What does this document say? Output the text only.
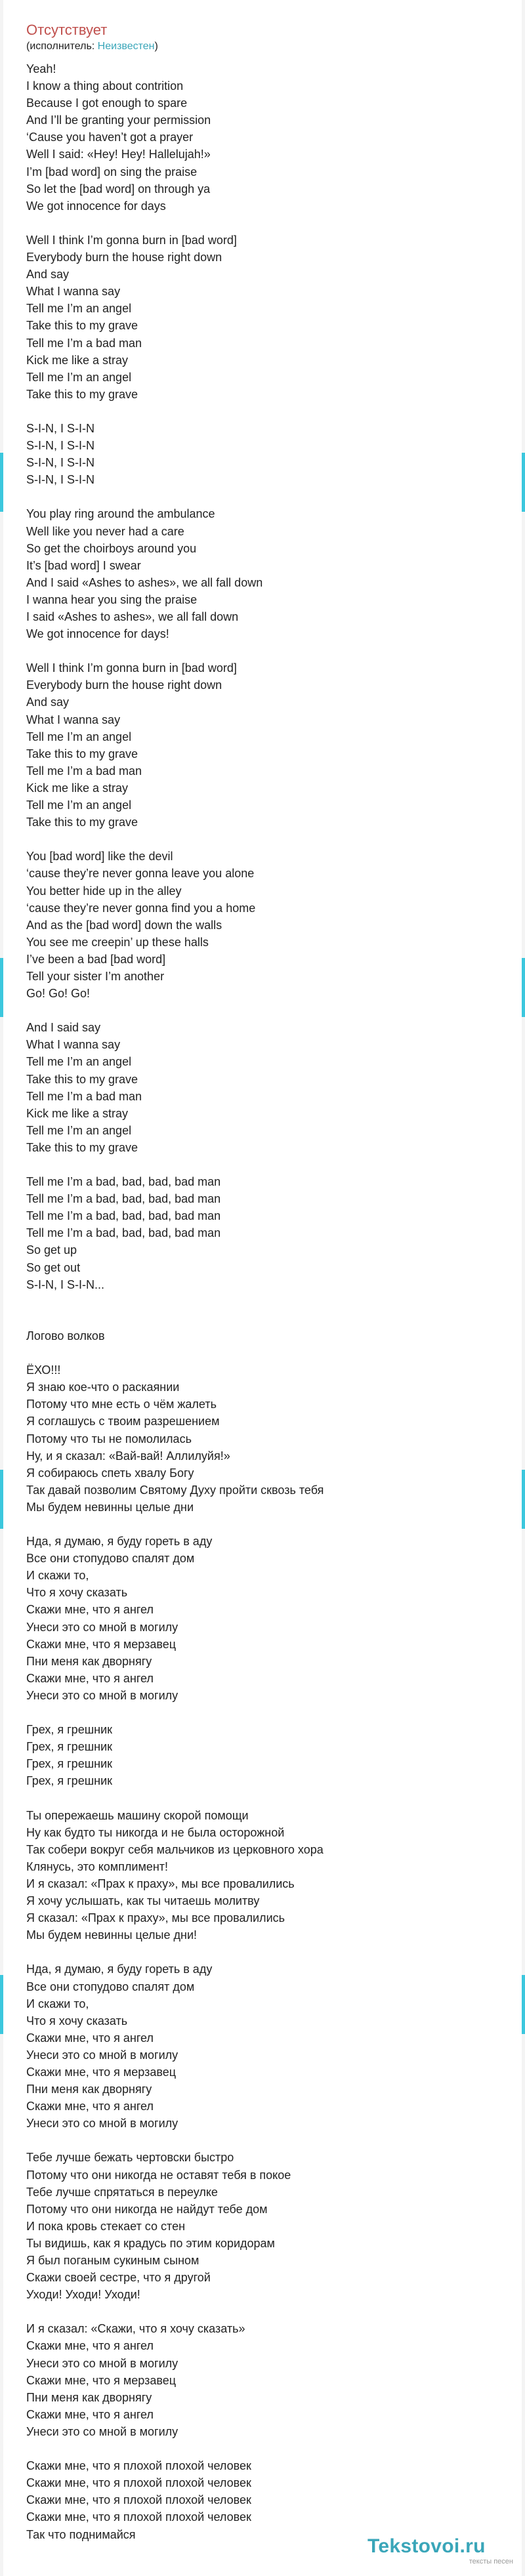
Отсутствует
(исполнитель: Неизвестен)
Yeah!
I know a thing about contrition
Because I got enough to spare
And I’ll be granting your permission
‘Cause you haven’t got a prayer
Well I said: «Hey! Hey! Hallelujah!»
I’m [bad word] on sing the praise
So let the [bad word] on through ya
We got innocence for days
Well I think I’m gonna burn in [bad word]
Everybody burn the house right down
And say
What I wanna say
Tell me I’m an angel
Take this to my grave
Tell me I’m a bad man
Kick me like a stray
Tell me I’m an angel
Take this to my grave
S-I-N, I S-I-N
S-I-N, I S-I-N
S-I-N, I S-I-N
S-I-N, I S-I-N
You play ring around the ambulance
Well like you never had a care
So get the choirboys around you
It’s [bad word] I swear
And I said «Ashes to ashes», we all fall down
I wanna hear you sing the praise
I said «Ashes to ashes», we all fall down
We got innocence for days!
Well I think I’m gonna burn in [bad word]
Everybody burn the house right down
And say
What I wanna say
Tell me I’m an angel
Take this to my grave
Tell me I’m a bad man
Kick me like a stray
Tell me I’m an angel
Take this to my grave
You [bad word] like the devil
‘cause they’re never gonna leave you alone
You better hide up in the alley
‘cause they’re never gonna find you a home
And as the [bad word] down the walls
You see me creepin’ up these halls
I’ve been a bad [bad word]
Tell your sister I’m another
Go! Go! Go!
And I said say
What I wanna say
Tell me I’m an angel
Take this to my grave
Tell me I’m a bad man
Kick me like a stray
Tell me I’m an angel
Take this to my grave
Tell me I’m a bad, bad, bad, bad man
Tell me I’m a bad, bad, bad, bad man
Tell me I’m a bad, bad, bad, bad man
Tell me I’m a bad, bad, bad, bad man
So get up
So get out
S-I-N, I S-I-N...
Логово волков
ЁХО!!!
Я знаю кое-что о раскаянии
Потому что мне есть о чём жалеть
Я соглашусь с твоим разрешением
Потому что ты не помолилась
Ну, и я сказал: «Вай-вай! Аллилуйя!»
Я собираюсь спеть хвалу Богу
Так давай позволим Святому Духу пройти сквозь тебя
Мы будем невинны целые дни
Нда, я думаю, я буду гореть в аду
Все они стопудово спалят дом
И скажи то,
Что я хочу сказать
Скажи мне, что я ангел
Унеси это со мной в могилу
Скажи мне, что я мерзавец
Пни меня как дворнягу
Скажи мне, что я ангел
Унеси это со мной в могилу
Грех, я грешник
Грех, я грешник
Грех, я грешник
Грех, я грешник
Ты опережаешь машину скорой помощи
Ну как будто ты никогда и не была осторожной
Так собери вокруг себя мальчиков из церковного хора
Клянусь, это комплимент!
И я сказал: «Прах к праху», мы все провалились
Я хочу услышать, как ты читаешь молитву
Я сказал: «Прах к праху», мы все провалились
Мы будем невинны целые дни!
Нда, я думаю, я буду гореть в аду
Все они стопудово спалят дом
И скажи то,
Что я хочу сказать
Скажи мне, что я ангел
Унеси это со мной в могилу
Скажи мне, что я мерзавец
Пни меня как дворнягу
Скажи мне, что я ангел
Унеси это со мной в могилу
Тебе лучше бежать чертовски быстро
Потому что они никогда не оставят тебя в покое
Тебе лучше спрятаться в переулке
Потому что они никогда не найдут тебе дом
И пока кровь стекает со стен
Ты видишь, как я крадусь по этим коридорам
Я был поганым сукиным сыном
Скажи своей сестре, что я другой
Уходи! Уходи! Уходи!
И я сказал: «Скажи, что я хочу сказать»
Скажи мне, что я ангел
Унеси это со мной в могилу
Скажи мне, что я мерзавец
Пни меня как дворнягу
Скажи мне, что я ангел
Унеси это со мной в могилу
Скажи мне, что я плохой плохой человек
Скажи мне, что я плохой плохой человек
Скажи мне, что я плохой плохой человек
Скажи мне, что я плохой плохой человек
Так что поднимайся
Tekstovoi.ru
тексты песен
